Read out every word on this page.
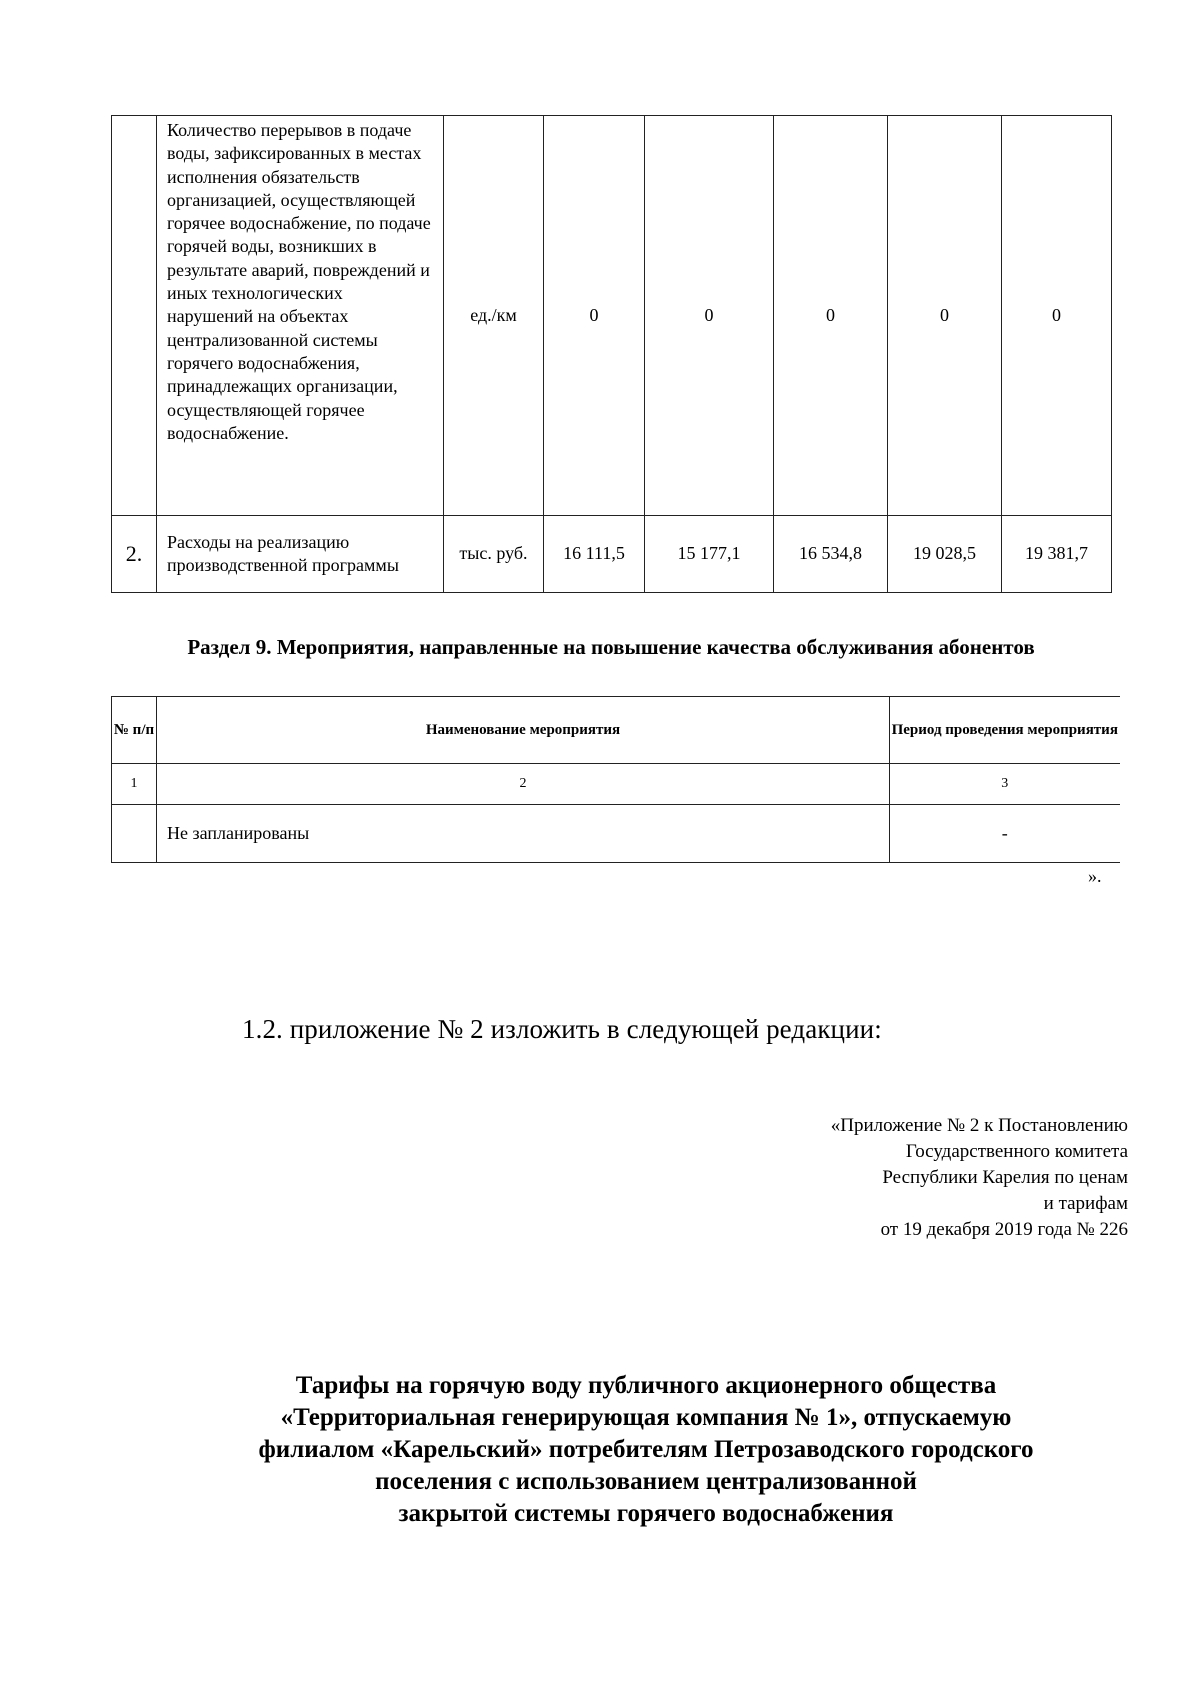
	Количество перерывов в подаче воды, зафиксированных в местах исполнения обязательств организацией, осуществляющей горячее водоснабжение, по подаче горячей воды, возникших в результате аварий, повреждений и иных технологических нарушений на объектах централизованной системы горячего водоснабжения, принадлежащих организации, осуществляющей горячее водоснабжение.	ед./км	0	0	0	0	0
2.	Расходы на реализацию производственной программы	тыс. руб.	16 111,5	15 177,1	16 534,8	19 028,5	19 381,7
Раздел 9. Мероприятия, направленные на повышение качества обслуживания абонентов
№ п/п	Наименование мероприятия	Период проведения мероприятия
1	2	3
	Не запланированы	-
».
1.2. приложение № 2 изложить в следующей редакции:
«Приложение № 2 к Постановлению
Государственного комитета
Республики Карелия по ценам
и тарифам
от 19 декабря 2019 года № 226
Тарифы на горячую воду публичного акционерного общества
«Территориальная генерирующая компания № 1», отпускаемую
филиалом «Карельский» потребителям Петрозаводского городского
поселения с использованием централизованной
закрытой системы горячего водоснабжения
